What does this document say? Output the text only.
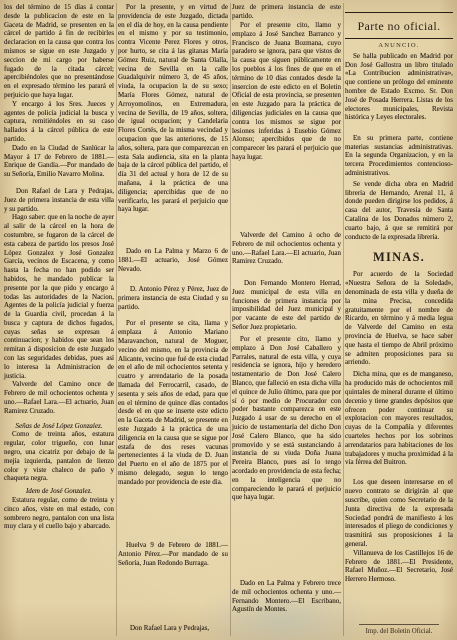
los del término de 15 días á contar desde la publicacion de este en la Gaceta de Madrid, se presenten en la cárcel de partido á fin de recibirles declaracion en la causa que contra los mismos se sigue en este Juzgado y seccion de mi cargo por haberse fugado de la citada cárcel; apercibiéndoles que no presentándose en el expresado término les parará el perjuicio que haya lugar.

Y encargo á los Sres. Jueces y agentes de policía judicial la busca y captura, remitiéndoles en su caso hallados á la cárcel pública de este partido.

Dado en la Ciudad de Sanlúcar la Mayor á 17 de Febrero de 1881.—Enrique de Gandía.—Por mandado de su Señoría, Emilio Navarro Molina.

Don Rafael de Lara y Pedrajas, Juez de primera instancia de esta villa y su partido.

Hago saber: que en la noche de ayer al salir de la cárcel en la hora de costumbre, se fugaron de la cárcel de esta cabeza de partido los presos José López Gonzalez y José Gonzalez García, vecinos de Escacena, y como hasta la fecha no han podido ser habidos, he mandado publicar la presente por la que pido y encargo á todas las autoridades de la Nacion, Agentes de la policía judicial y fuerza de la Guardia civil, procedan á la busca y captura de dichos fugados, cuyas señas se expresan á continuacion; y habidos que sean los remitan á disposicion de este Juzgado con las seguridades debidas, pues así lo interesa la Administracion de justicia.

Valverde del Camino once de Febrero de mil ochocientos ochenta y uno.—Rafael Lara.—El actuario, Juan Ramirez Cruzado.

Señas de José López Gonzalez.

Como de treinta años, estatura regular, color trigueño, con lunar negro, una cicatriz por debajo de la mejía izquierda, pantalon de lienzo color y viste chaleco de paño y chaqueta negra.

Idem de José Gonzalez.

Estatura regular, como de treinta y cinco años, viste en mal estado, con sombrero negro, pantalon con una lista muy clara y el cuello bajo y abarcado.

Por la presente, y en virtud de providencia de este Juzgado, dictada en el día de hoy, en la causa pendiente en el mismo y por su testimonio, contra Vicente Perez Flores y otros, por hurto, se cita á las gitanas María Gómez Ruiz, natural de Santa Olalla, vecina de Sevilla en la calle Guadalquivir número 3, de 45 años, viuda, la ocupacion la de su sexo; María Flores Gómez, natural de Arroyomolinos, en Extremadura, vecina de Sevilla, de 19 años, soltera, de igual ocupacion; y Candelaria Flores Cortés, de la misma vecindad y ocupacion que las anteriores, de 15 años, soltera, para que comparezcan en esta Sala audiencia, sita en la planta baja de la cárcel pública del partido, el día 31 del actual y hora de 12 de su mañana, á la práctica de una diligencia; apercibidas que de no verificarlo, les parará el perjuicio que haya lugar.

Dado en La Palma y Marzo 6 de 1881.—El actuario, José Gómez Nevado.

D. Antonio Pérez y Pérez, Juez de primera instancia de esta Ciudad y su partido.

Por el presente se cita, llama y emplaza á Antonio Mariano Maravanchon, natural de Moguer, vecino del mismo, en la provincia de Alicante, vecino que fué de esta ciudad en el año de mil ochocientos setenta y cuatro y arrendatario de la posada llamada del Ferrocarril, casado, de sesenta y seis años de edad, para que en el término de quince días contados desde el en que se inserte este edicto en la Gaceta de Madrid, se presente en este Juzgado á la práctica de una diligencia en la causa que se sigue por estafa de dos reses vacunas pertenecientes á la viuda de D. Juan del Puerto en el año de 1875 por el mismo delegado, segun lo tengo mandado por providencia de este dia.

Huelva 9 de Febrero de 1881.—Antonio Pérez.—Por mandado de su Señoría, Juan Redondo Burraga.

Don Rafael Lara y Pedrajas,

Juez de primera instancia de este partido.

Por el presente cito, llamo y emplazo á José Sanchez Barranco y Francisco de Juana Bozmana, cuyo paradero se ignora, para que vistos de la causa que siguen públicamente en los pueblos á los fines de que en el término de 10 días contados desde la insercion de este edicto en el Boletin Oficial de esta provincia, se presenten en este Juzgado para la práctica de diligencias judiciales en la causa que contra los mismos se sigue por lesiones inferidas á Eusebio Gómez Alonso; apercibidos que de no comparecer les parará el perjuicio que haya lugar.

Valverde del Camino á ocho de Febrero de mil ochocientos ochenta y uno.—Rafael Lara.—El actuario, Juan Ramirez Cruzado.

Don Fernando Montero Herrad, Juez municipal de esta villa en funciones de primera instancia por imposibilidad del Juez municipal y por vacante de este del partido de Señor Juez propietario.

Por el presente cito, llamo y emplazo á Don José Caballero y Parrales, natural de esta villa, y cuya residencia se ignora, hijo y heredero testamentario de Don José Calero Blanco, que falleció en esta dicha villa el quince de Julio último, para que por sí ó por medio de Procurador con poder bastante comparezca en este Juzgado á usar de su derecho en el juicio de testamentaría del dicho Don José Calero Blanco, que ha sido promovido y se está sustanciando á instancia de su viuda Doña Juana Pereira Blanco, pues así lo tengo acordado en providencia de esta fecha; en la inteligencia que no compareciendo le parará el perjuicio que haya lugar.

Dado en La Palma y Febrero trece de mil ochocientos ochenta y uno.—Fernando Montero.—El Escribano, Agustín de Montes.

Parte no oficial.
ANUNCIO.

Se halla publicado en Madrid por Don José Gallostra un libro titulado «La Contribucion administrativa», que contiene un prólogo del eminente hombre de Estado Excmo. Sr. Don José de Posada Herrera. Listas de los electores municipales, Revista histórica y Leyes electorales.

En su primera parte, contiene materias sustancias administrativas. En la segunda Organizacion, y en la tercera Procedimientos contencioso-administrativos.

Se vende dicha obra en Madrid librería de Hernando, Arenal 11, á donde pueden dirigirse los pedidos, á casa del autor, Travesía de Santa Catalina de los Donados número 2, cuarto bajo, á que se remitirá por conducto de la expresada librería.

MINAS.

Por acuerdo de la Sociedad «Nuestra Señora de la Soledad», denominada de esta villa y dueña de la mina Precisa, concedida gratuitamente por el nombre de Ricardo, en término y á media legua de Valverde del Camino en esta provincia de Huelva, se hace saber que hasta el tiempo de Abril próximo se admiten proposiciones para su arriendo.

Dicha mina, que es de manganeso, ha producido más de ochocientos mil quintales de mineral durante el último decenio y tiene grandes depósitos que ofrecen poder continuar su explotacion con mayores resultados, cuyas de la Compañía y diferentes cuarteles hechos por los sobrinos arrendatarios para habitaciones de los trabajadores y mucha proximidad á la vía férrea del Buitron.

Los que deseen interesarse en el nuevo contrato se dirigirán al que suscribe, quien como Secretario de la Junta directiva de la expresada Sociedad pondrá de manifiesto á los interesados el pliego de condiciones y trasmitirá sus proposiciones á la general.

Villanueva de los Castillejos 16 de Febrero de 1881.—El Presidente, Rafael Muñoz.—El Secretario, José Herrero Hermoso.

Imp. del Boletin Oficial.
